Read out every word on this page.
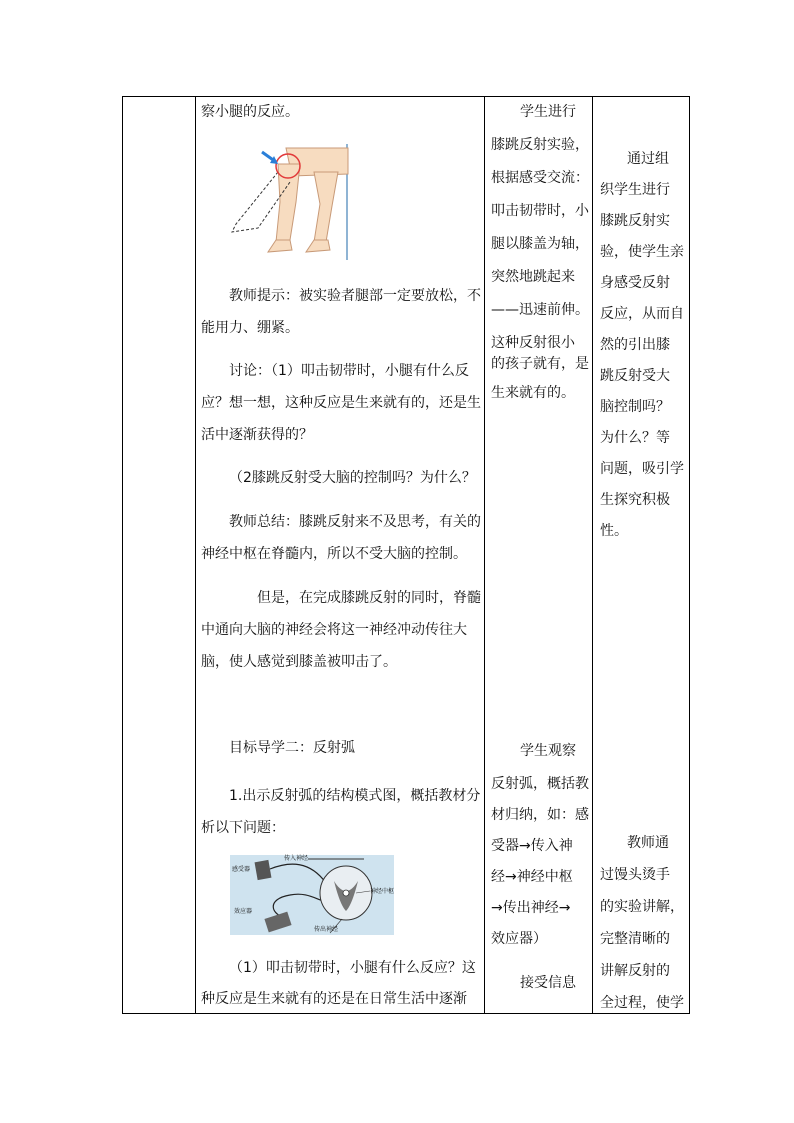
察小腿的反应。
教师提示：被实验者腿部一定要放松，不
能用力、绷紧。
讨论：（1）叩击韧带时，小腿有什么反
应？想一想，这种反应是生来就有的，还是生
活中逐渐获得的？
（2膝跳反射受大脑的控制吗？为什么？
教师总结：膝跳反射来不及思考，有关的
神经中枢在脊髓内，所以不受大脑的控制。
但是，在完成膝跳反射的同时，脊髓
中通向大脑的神经会将这一神经冲动传往大
脑，使人感觉到膝盖被叩击了。
目标导学二：反射弧
1.出示反射弧的结构模式图，概括教材分
析以下问题：
感受器
传入神经
神经中枢
效应器
传出神经
（1）叩击韧带时，小腿有什么反应？这
种反应是生来就有的还是在日常生活中逐渐
学生进行
膝跳反射实验，
根据感受交流：
叩击韧带时，小
腿以膝盖为轴，
突然地跳起来
——迅速前伸。
这种反射很小
的孩子就有，是
生来就有的。
学生观察
反射弧，概括教
材归纳，如：感
受器→传入神
经→神经中枢
→传出神经→
效应器）
接受信息
通过组
织学生进行
膝跳反射实
验，使学生亲
身感受反射
反应，从而自
然的引出膝
跳反射受大
脑控制吗？
为什么？等
问题，吸引学
生探究积极
性。
教师通
过馒头烫手
的实验讲解，
完整清晰的
讲解反射的
全过程，使学
